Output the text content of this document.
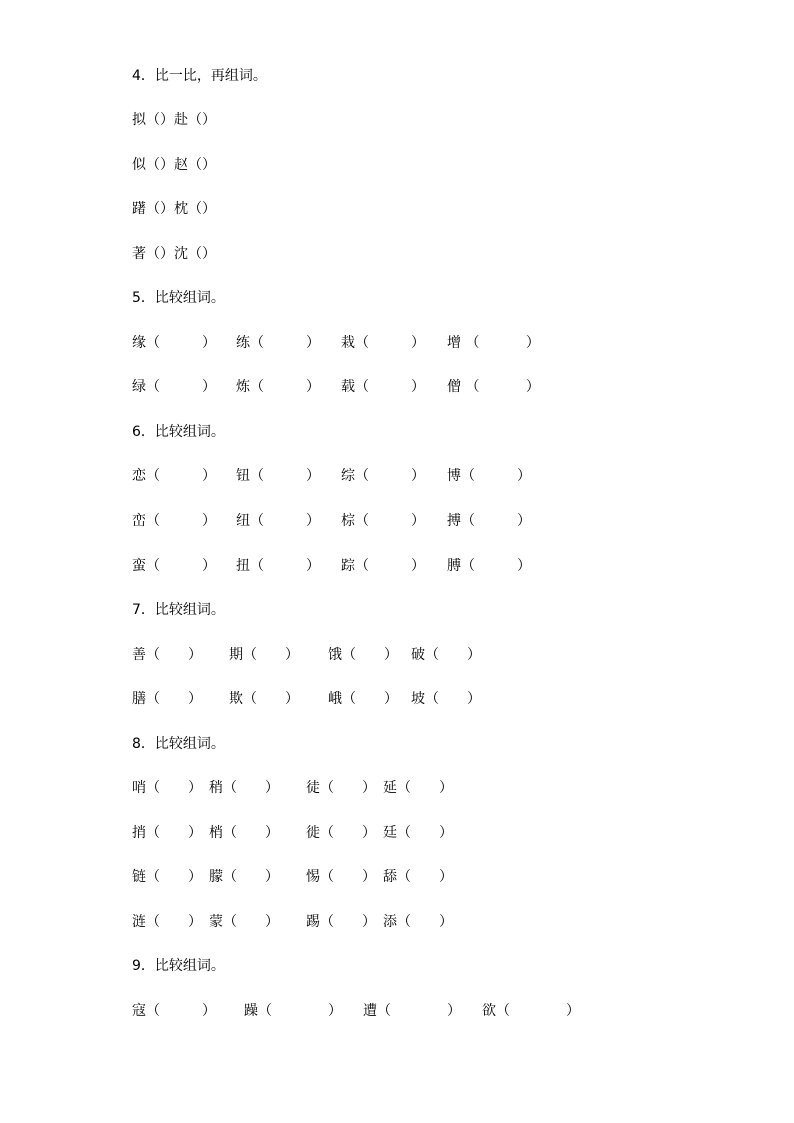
4．比一比，再组词。
拟（）赴（）
似（）赵（）
躇（）枕（）
著（）沈（）
5．比较组词。

缘（　　　）

练（　　　）

栽（　　　）

增 （　　　 ）

绿（　　　）

炼（　　　）

载（　　　）

僧 （　　　 ）

6．比较组词。

恋（　　　）

钮（　　　）

综（　　　）

博（　　　）

峦（　　　）

纽（　　　）

棕（　　　）

搏（　　　）

蛮（　　　）

扭（　　　）

踪（　　　）

膊（　　　）

7．比较组词。

善（　　）

期（　　）

饿（　　）

破（　　）

膳（　　）

欺（　　）

峨（　　）

坡（　　）

8．比较组词。

哨（　　）

稍（　　）

徒（　　）

延（　　）

捎（　　）

梢（　　）

徙（　　）

廷（　　）

链（　　）

朦（　　）

惕（　　）

舔（　　）

涟（　　）

蒙（　　）

踢（　　）

添（　　）

9．比较组词。

寇（　　　）

躁（　　　　）

遭（　　　　）

欲（　　　　）
